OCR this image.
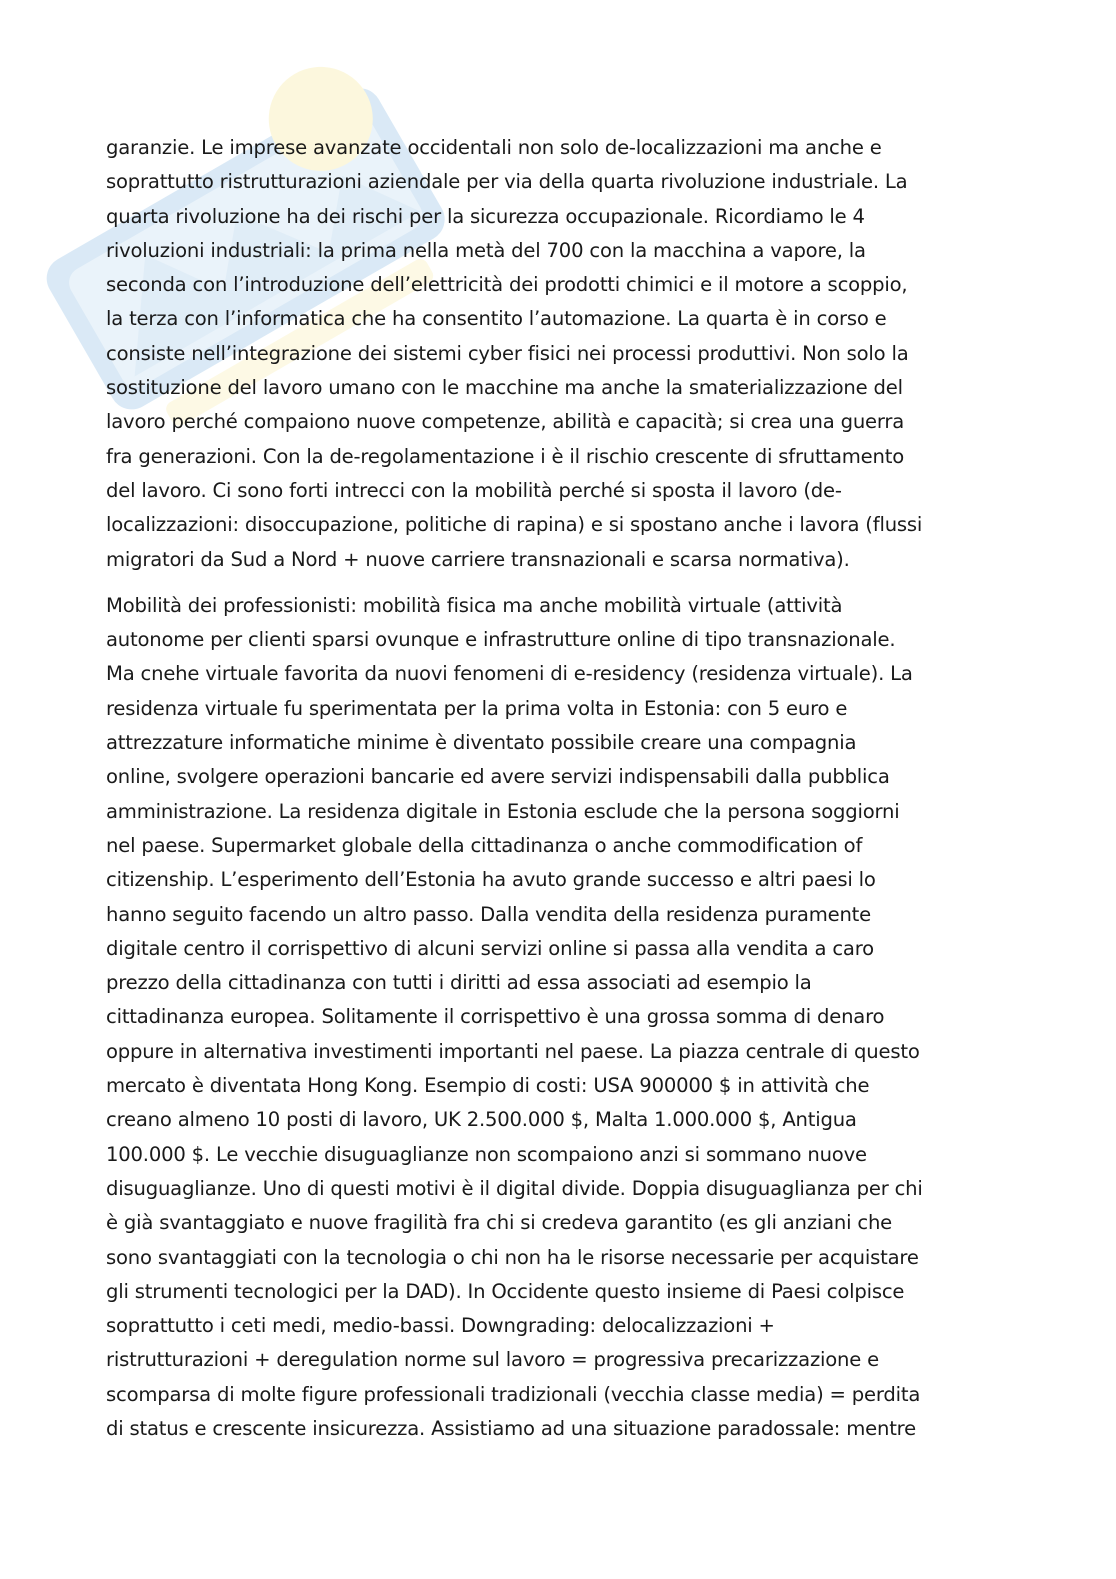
garanzie. Le imprese avanzate occidentali non solo de-localizzazioni ma anche e
soprattutto ristrutturazioni aziendale per via della quarta rivoluzione industriale. La
quarta rivoluzione ha dei rischi per la sicurezza occupazionale. Ricordiamo le 4
rivoluzioni industriali: la prima nella metà del 700 con la macchina a vapore, la
seconda con l’introduzione dell’elettricità dei prodotti chimici e il motore a scoppio,
la terza con l’informatica che ha consentito l’automazione. La quarta è in corso e
consiste nell’integrazione dei sistemi cyber fisici nei processi produttivi. Non solo la
sostituzione del lavoro umano con le macchine ma anche la smaterializzazione del
lavoro perché compaiono nuove competenze, abilità e capacità; si crea una guerra
fra generazioni. Con la de-regolamentazione i è il rischio crescente di sfruttamento
del lavoro. Ci sono forti intrecci con la mobilità perché si sposta il lavoro (de-
localizzazioni: disoccupazione, politiche di rapina) e si spostano anche i lavora (flussi
migratori da Sud a Nord + nuove carriere transnazionali e scarsa normativa).
Mobilità dei professionisti: mobilità fisica ma anche mobilità virtuale (attività
autonome per clienti sparsi ovunque e infrastrutture online di tipo transnazionale.
Ma cnehe virtuale favorita da nuovi fenomeni di e-residency (residenza virtuale). La
residenza virtuale fu sperimentata per la prima volta in Estonia: con 5 euro e
attrezzature informatiche minime è diventato possibile creare una compagnia
online, svolgere operazioni bancarie ed avere servizi indispensabili dalla pubblica
amministrazione. La residenza digitale in Estonia esclude che la persona soggiorni
nel paese. Supermarket globale della cittadinanza o anche commodification of
citizenship. L’esperimento dell’Estonia ha avuto grande successo e altri paesi lo
hanno seguito facendo un altro passo. Dalla vendita della residenza puramente
digitale centro il corrispettivo di alcuni servizi online si passa alla vendita a caro
prezzo della cittadinanza con tutti i diritti ad essa associati ad esempio la
cittadinanza europea. Solitamente il corrispettivo è una grossa somma di denaro
oppure in alternativa investimenti importanti nel paese. La piazza centrale di questo
mercato è diventata Hong Kong. Esempio di costi: USA 900000 $ in attività che
creano almeno 10 posti di lavoro, UK 2.500.000 $, Malta 1.000.000 $, Antigua
100.000 $. Le vecchie disuguaglianze non scompaiono anzi si sommano nuove
disuguaglianze. Uno di questi motivi è il digital divide. Doppia disuguaglianza per chi
è già svantaggiato e nuove fragilità fra chi si credeva garantito (es gli anziani che
sono svantaggiati con la tecnologia o chi non ha le risorse necessarie per acquistare
gli strumenti tecnologici per la DAD). In Occidente questo insieme di Paesi colpisce
soprattutto i ceti medi, medio-bassi. Downgrading: delocalizzazioni +
ristrutturazioni + deregulation norme sul lavoro = progressiva precarizzazione e
scomparsa di molte figure professionali tradizionali (vecchia classe media) = perdita
di status e crescente insicurezza. Assistiamo ad una situazione paradossale: mentre
